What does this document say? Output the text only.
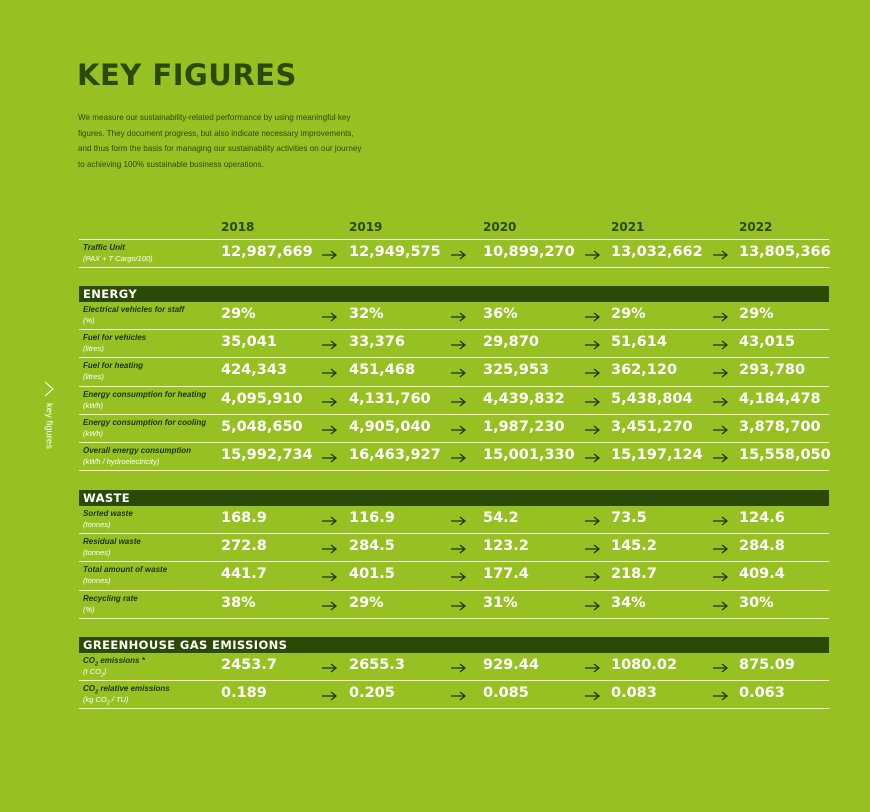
key figures
KEY FIGURES
We measure our sustainability-related performance by using meaningful key
figures. They document progress, but also indicate necessary improvements,
and thus form the basis for managing our sustainability activities on our journey
to achieving 100% sustainable business operations.
2018	2019	2020	2021	2022
Traffic Unit
(PAX + T Cargo/100)	12,987,669	12,949,575	10,899,270	13,032,662	13,805,366
ENERGY
Electrical vehicles for staff
(%)	29%	32%	36%	29%	29%
Fuel for vehicles
(litres)	35,041	33,376	29,870	51,614	43,015
Fuel for heating
(litres)	424,343	451,468	325,953	362,120	293,780
Energy consumption for heating
(kWh)	4,095,910	4,131,760	4,439,832	5,438,804	4,184,478
Energy consumption for cooling
(kWh)	5,048,650	4,905,040	1,987,230	3,451,270	3,878,700
Overall energy consumption
(kWh / hydroelectricity)	15,992,734	16,463,927	15,001,330	15,197,124	15,558,050
WASTE
Sorted waste
(tonnes)	168.9	116.9	54.2	73.5	124.6
Residual waste
(tonnes)	272.8	284.5	123.2	145.2	284.8
Total amount of waste
(tonnes)	441.7	401.5	177.4	218.7	409.4
Recycling rate
(%)	38%	29%	31%	34%	30%
GREENHOUSE GAS EMISSIONS
$CO_2$ emissions *
(t $CO_2$)	2453.7	2655.3	929.44	1080.02	875.09
$CO_2$ relative emissions
(kg $CO_2 / TU$)	0.189	0.205	0.085	0.083	0.063
